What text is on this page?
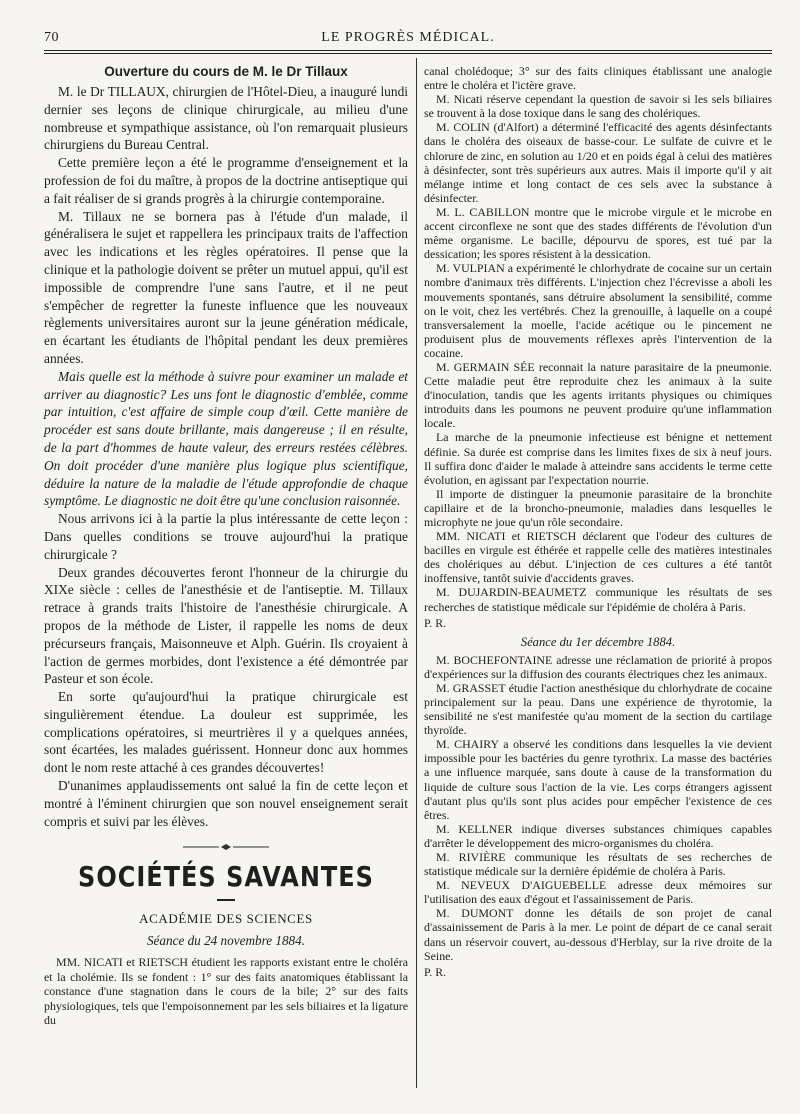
70	LE PROGRÈS MÉDICAL.
Ouverture du cours de M. le Dr Tillaux

M. le Dr TILLAUX, chirurgien de l'Hôtel-Dieu, a inauguré lundi dernier ses leçons de clinique chirurgicale, au milieu d'une nombreuse et sympathique assistance, où l'on remarquait plusieurs chirurgiens du Bureau Central.

Cette première leçon a été le programme d'enseignement et la profession de foi du maître, à propos de la doctrine antiseptique qui a fait réaliser de si grands progrès à la chirurgie contemporaine.

M. Tillaux ne se bornera pas à l'étude d'un malade, il généralisera le sujet et rappellera les principaux traits de l'affection avec les indications et les règles opératoires. Il pense que la clinique et la pathologie doivent se prêter un mutuel appui, qu'il est impossible de comprendre l'une sans l'autre, et il ne peut s'empêcher de regretter la funeste influence que les nouveaux règlements universitaires auront sur la jeune génération médicale, en écartant les étudiants de l'hôpital pendant les deux premières années.

Mais quelle est la méthode à suivre pour examiner un malade et arriver au diagnostic? Les uns font le diagnostic d'emblée, comme par intuition, c'est affaire de simple coup d'œil. Cette manière de procéder est sans doute brillante, mais dangereuse ; il en résulte, de la part d'hommes de haute valeur, des erreurs restées célèbres. On doit procéder d'une manière plus logique plus scientifique, déduire la nature de la maladie de l'étude approfondie de chaque symptôme. Le diagnostic ne doit être qu'une conclusion raisonnée.

Nous arrivons ici à la partie la plus intéressante de cette leçon : Dans quelles conditions se trouve aujourd'hui la pratique chirurgicale ?

Deux grandes découvertes feront l'honneur de la chirurgie du XIXe siècle : celles de l'anesthésie et de l'antiseptie. M. Tillaux retrace à grands traits l'histoire de l'anesthésie chirurgicale. A propos de la méthode de Lister, il rappelle les noms de deux précurseurs français, Maisonneuve et Alph. Guérin. Ils croyaient à l'action de germes morbides, dont l'existence a été démontrée par Pasteur et son école.

En sorte qu'aujourd'hui la pratique chirurgicale est singulièrement étendue. La douleur est supprimée, les complications opératoires, si meurtrières il y a quelques années, sont écartées, les malades guérissent. Honneur donc aux hommes dont le nom reste attaché à ces grandes découvertes!

D'unanimes applaudissements ont salué la fin de cette leçon et montré à l'éminent chirurgien que son nouvel enseignement serait compris et suivi par les élèves.

SOCIÉTÉS SAVANTES
ACADÉMIE DES SCIENCES
Séance du 24 novembre 1884.

MM. NICATI et RIETSCH étudient les rapports existant entre le choléra et la cholémie. Ils se fondent : 1° sur des faits anatomiques établissant la constance d'une stagnation dans le cours de la bile; 2° sur des faits physiologiques, tels que l'empoisonnement par les sels biliaires et la ligature du

canal cholédoque; 3° sur des faits cliniques établissant une analogie entre le choléra et l'ictère grave.

M. Nicati réserve cependant la question de savoir si les sels biliaires se trouvent à la dose toxique dans le sang des cholériques.

M. COLIN (d'Alfort) a déterminé l'efficacité des agents désinfectants dans le choléra des oiseaux de basse-cour. Le sulfate de cuivre et le chlorure de zinc, en solution au 1/20 et en poids égal à celui des matières à désinfecter, sont très supérieurs aux autres. Mais il importe qu'il y ait mélange intime et long contact de ces sels avec la substance à désinfecter.

M. L. CABILLON montre que le microbe virgule et le microbe en accent circonflexe ne sont que des stades différents de l'évolution d'un même organisme. Le bacille, dépourvu de spores, est tué par la dessication; les spores résistent à la dessication.

M. VULPIAN a expérimenté le chlorhydrate de cocaine sur un certain nombre d'animaux très différents. L'injection chez l'écrevisse a aboli les mouvements spontanés, sans détruire absolument la sensibilité, comme on le voit, chez les vertébrés. Chez la grenouille, à laquelle on a coupé transversalement la moelle, l'acide acétique ou le pincement ne produisent plus de mouvements réflexes après l'intervention de la cocaine.

M. GERMAIN SÉE reconnait la nature parasitaire de la pneumonie. Cette maladie peut être reproduite chez les animaux à la suite d'inoculation, tandis que les agents irritants physiques ou chimiques introduits dans les poumons ne peuvent produire qu'une inflammation locale.

La marche de la pneumonie infectieuse est bénigne et nettement définie. Sa durée est comprise dans les limites fixes de six à neuf jours. Il suffira donc d'aider le malade à atteindre sans accidents le terme cette évolution, en agissant par l'expectation nourrie.

Il importe de distinguer la pneumonie parasitaire de la bronchite capillaire et de la broncho-pneumonie, maladies dans lesquelles le microphyte ne joue qu'un rôle secondaire.

MM. NICATI et RIETSCH déclarent que l'odeur des cultures de bacilles en virgule est éthérée et rappelle celle des matières intestinales des cholériques au début. L'injection de ces cultures a été tantôt inoffensive, tantôt suivie d'accidents graves.

M. DUJARDIN-BEAUMETZ communique les résultats de ses recherches de statistique médicale sur l'épidémie de choléra à Paris.

P. R.
Séance du 1er décembre 1884.

M. BOCHEFONTAINE adresse une réclamation de priorité à propos d'expériences sur la diffusion des courants électriques chez les animaux.

M. GRASSET étudie l'action anesthésique du chlorhydrate de cocaine principalement sur la peau. Dans une expérience de thyrotomie, la sensibilité ne s'est manifestée qu'au moment de la section du cartilage thyroïde.

M. CHAIRY a observé les conditions dans lesquelles la vie devient impossible pour les bactéries du genre tyrothrix. La masse des bactéries a une influence marquée, sans doute à cause de la transformation du liquide de culture sous l'action de la vie. Les corps étrangers agissent d'autant plus qu'ils sont plus acides pour empêcher l'existence de ces êtres.

M. KELLNER indique diverses substances chimiques capables d'arrêter le développement des micro-organismes du choléra.

M. RIVIÈRE communique les résultats de ses recherches de statistique médicale sur la dernière épidémie de choléra à Paris.

M. NEVEUX D'AIGUEBELLE adresse deux mémoires sur l'utilisation des eaux d'égout et l'assainissement de Paris.

M. DUMONT donne les détails de son projet de canal d'assainissement de Paris à la mer. Le point de départ de ce canal serait dans un réservoir couvert, au-dessous d'Herblay, sur la rive droite de la Seine.

P. R.
